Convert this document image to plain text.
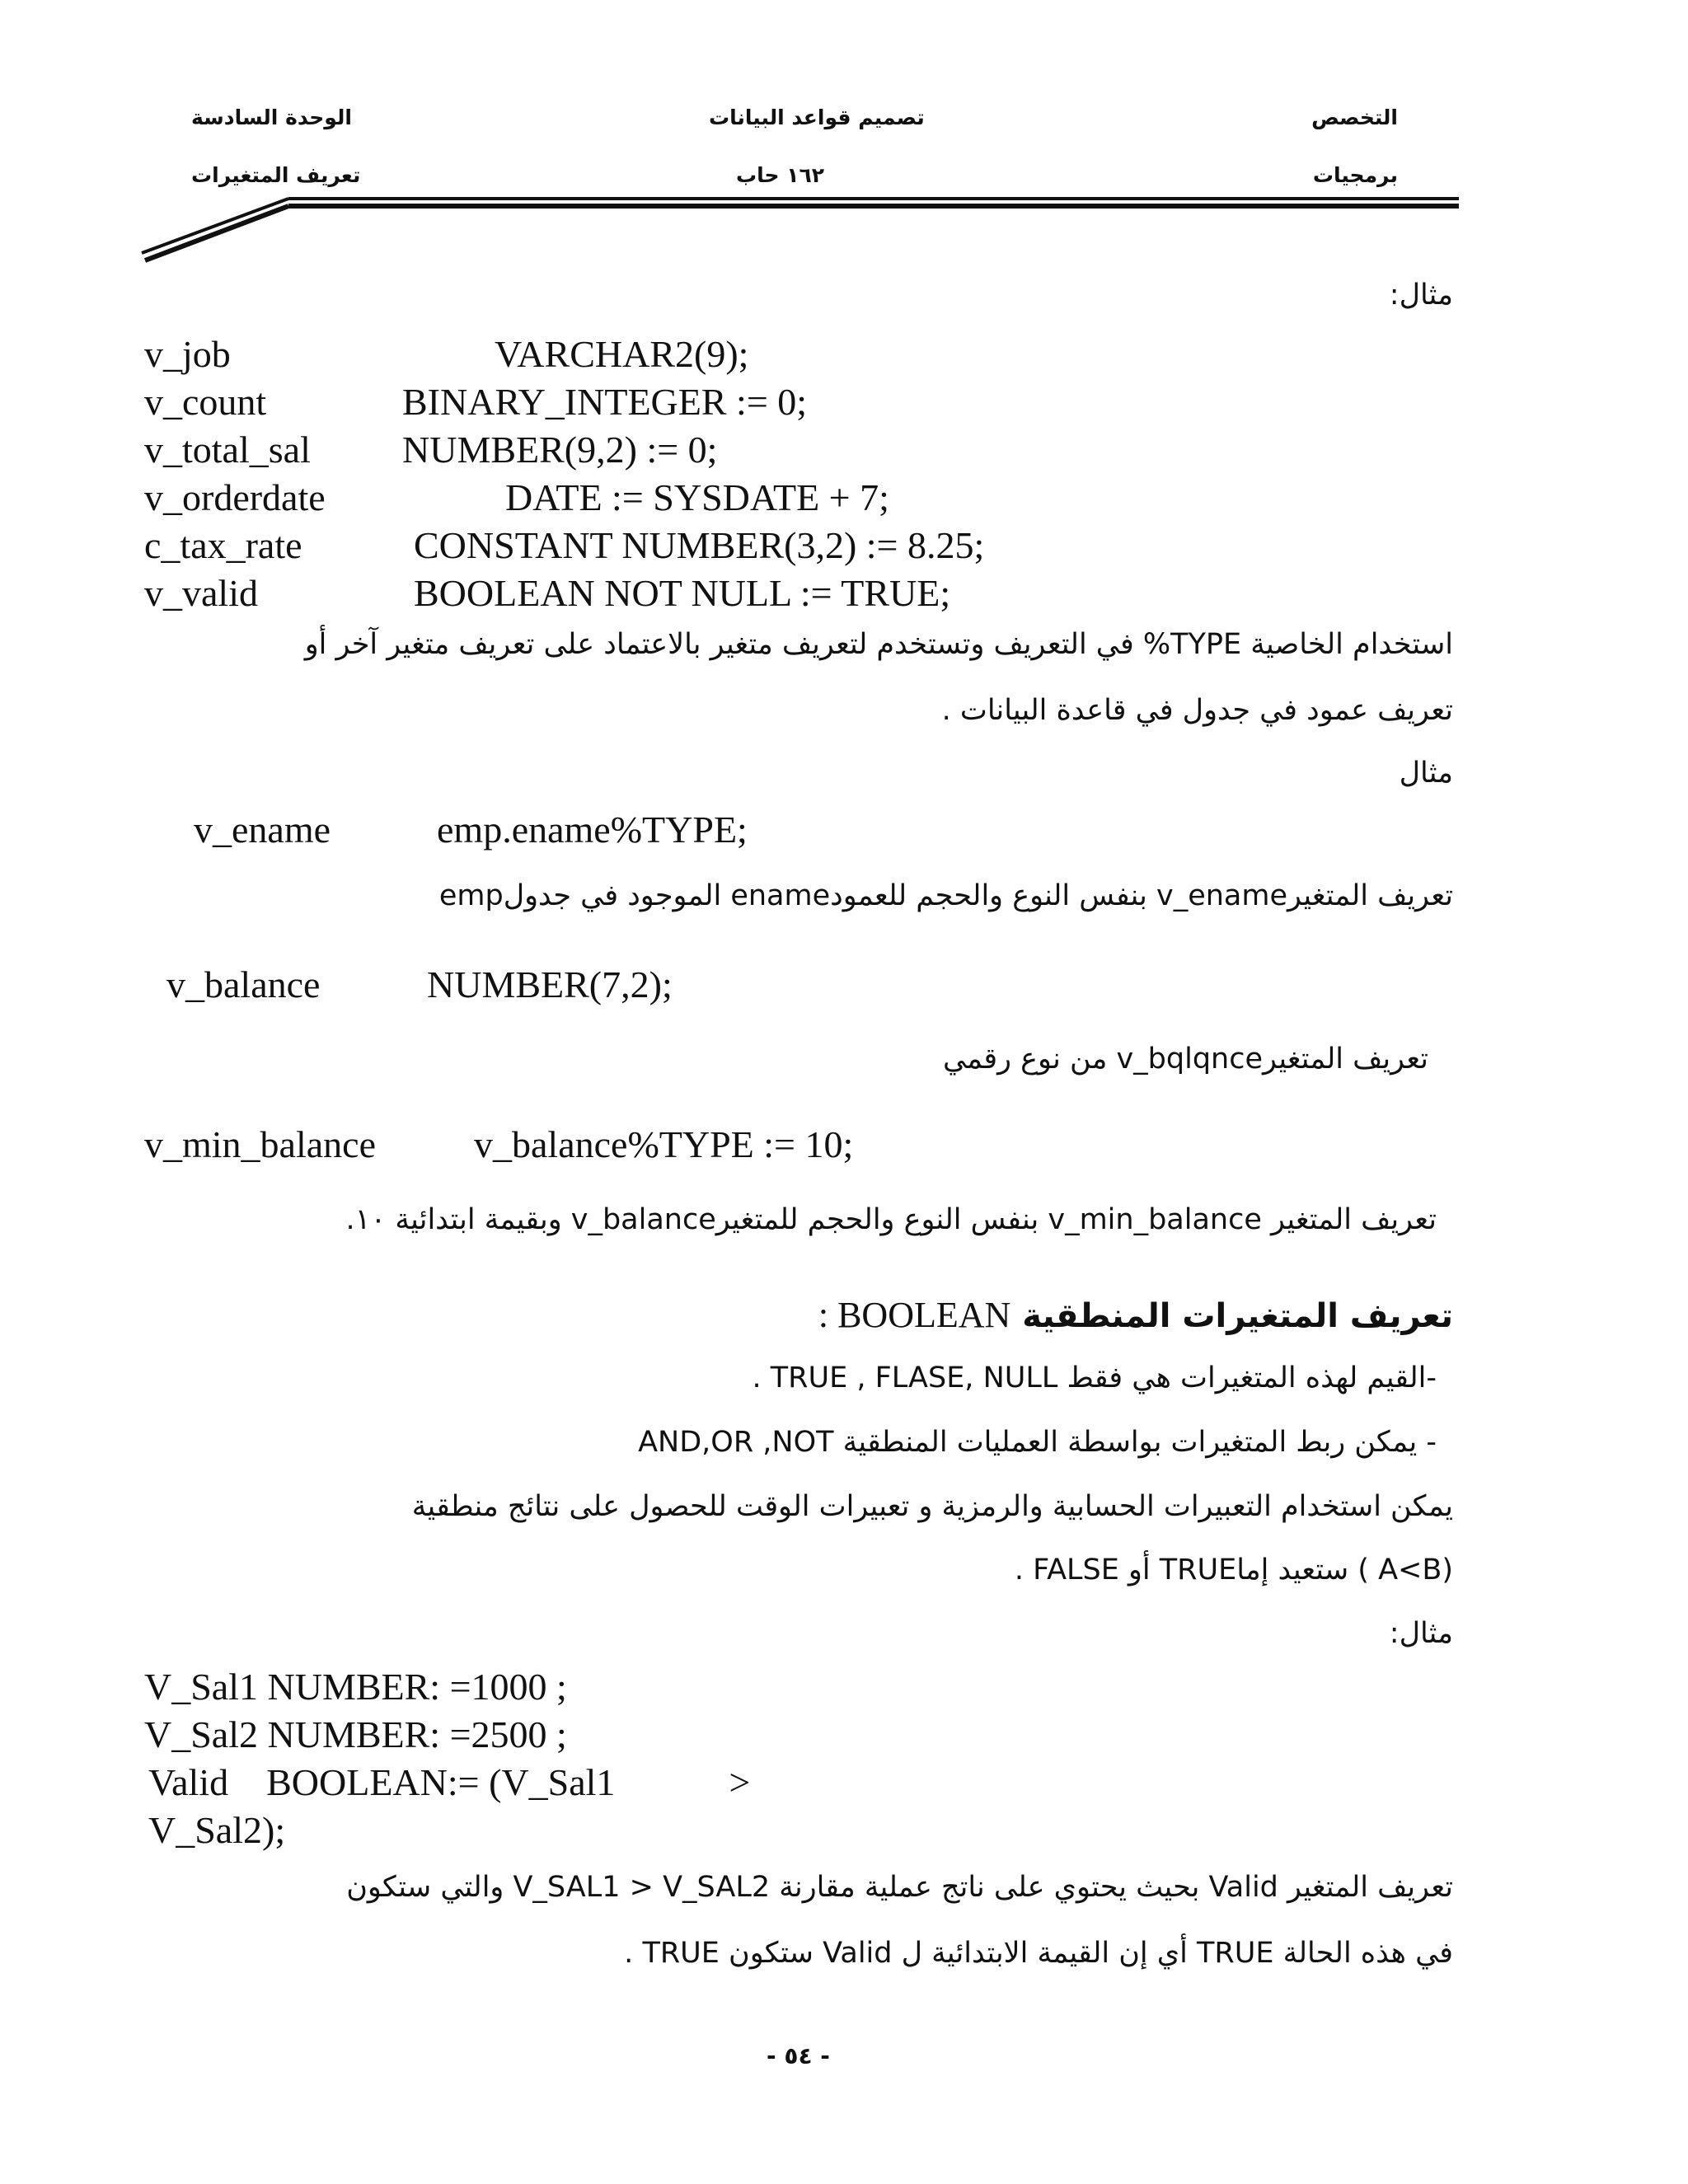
التخصص
برمجيات
تصميم قواعد البيانات
١٦٢ حاب
الوحدة السادسة
تعريف المتغيرات
مثال:
v_job	VARCHAR2(9);
v_count	BINARY_INTEGER := 0;
v_total_sal NUMBER(9,2) := 0;
v_orderdate	DATE := SYSDATE + 7;
c_tax_rate	CONSTANT NUMBER(3,2) := 8.25;
v_valid	BOOLEAN NOT NULL := TRUE;
استخدام الخاصية TYPE% في التعريف وتستخدم لتعريف متغير بالاعتماد على تعريف متغير آخر أو
تعريف عمود في جدول في قاعدة البيانات .
مثال
v_ename	emp.ename%TYPE;
تعريف المتغيرv_ename بنفس النوع والحجم للعمودename الموجود في جدولemp
v_balance	NUMBER(7,2);
تعريف المتغيرv_bqlqnce من نوع رقمي
v_min_balance	v_balance%TYPE := 10;
تعريف المتغير v_min_balance بنفس النوع والحجم للمتغيرv_balance وبقيمة ابتدائية ١٠.
تعريف المتغيرات المنطقية BOOLEAN :
-القيم لهذه المتغيرات هي فقط TRUE , FLASE, NULL .
- يمكن ربط المتغيرات بواسطة العمليات المنطقية AND,OR ,NOT
يمكن استخدام التعبيرات الحسابية والرمزية و تعبيرات الوقت للحصول على نتائج منطقية
(A<B ) ستعيد إماTRUE أو FALSE .
مثال:
V_Sal1 NUMBER: =1000 ;
V_Sal2 NUMBER: =2500 ;
Valid    BOOLEAN:= (V_Sal1            >
V_Sal2);
تعريف المتغير Valid بحيث يحتوي على ناتج عملية مقارنة V_SAL1 > V_SAL2 والتي ستكون
في هذه الحالة TRUE أي إن القيمة الابتدائية ل Valid ستكون TRUE .
- ٥٤ -
